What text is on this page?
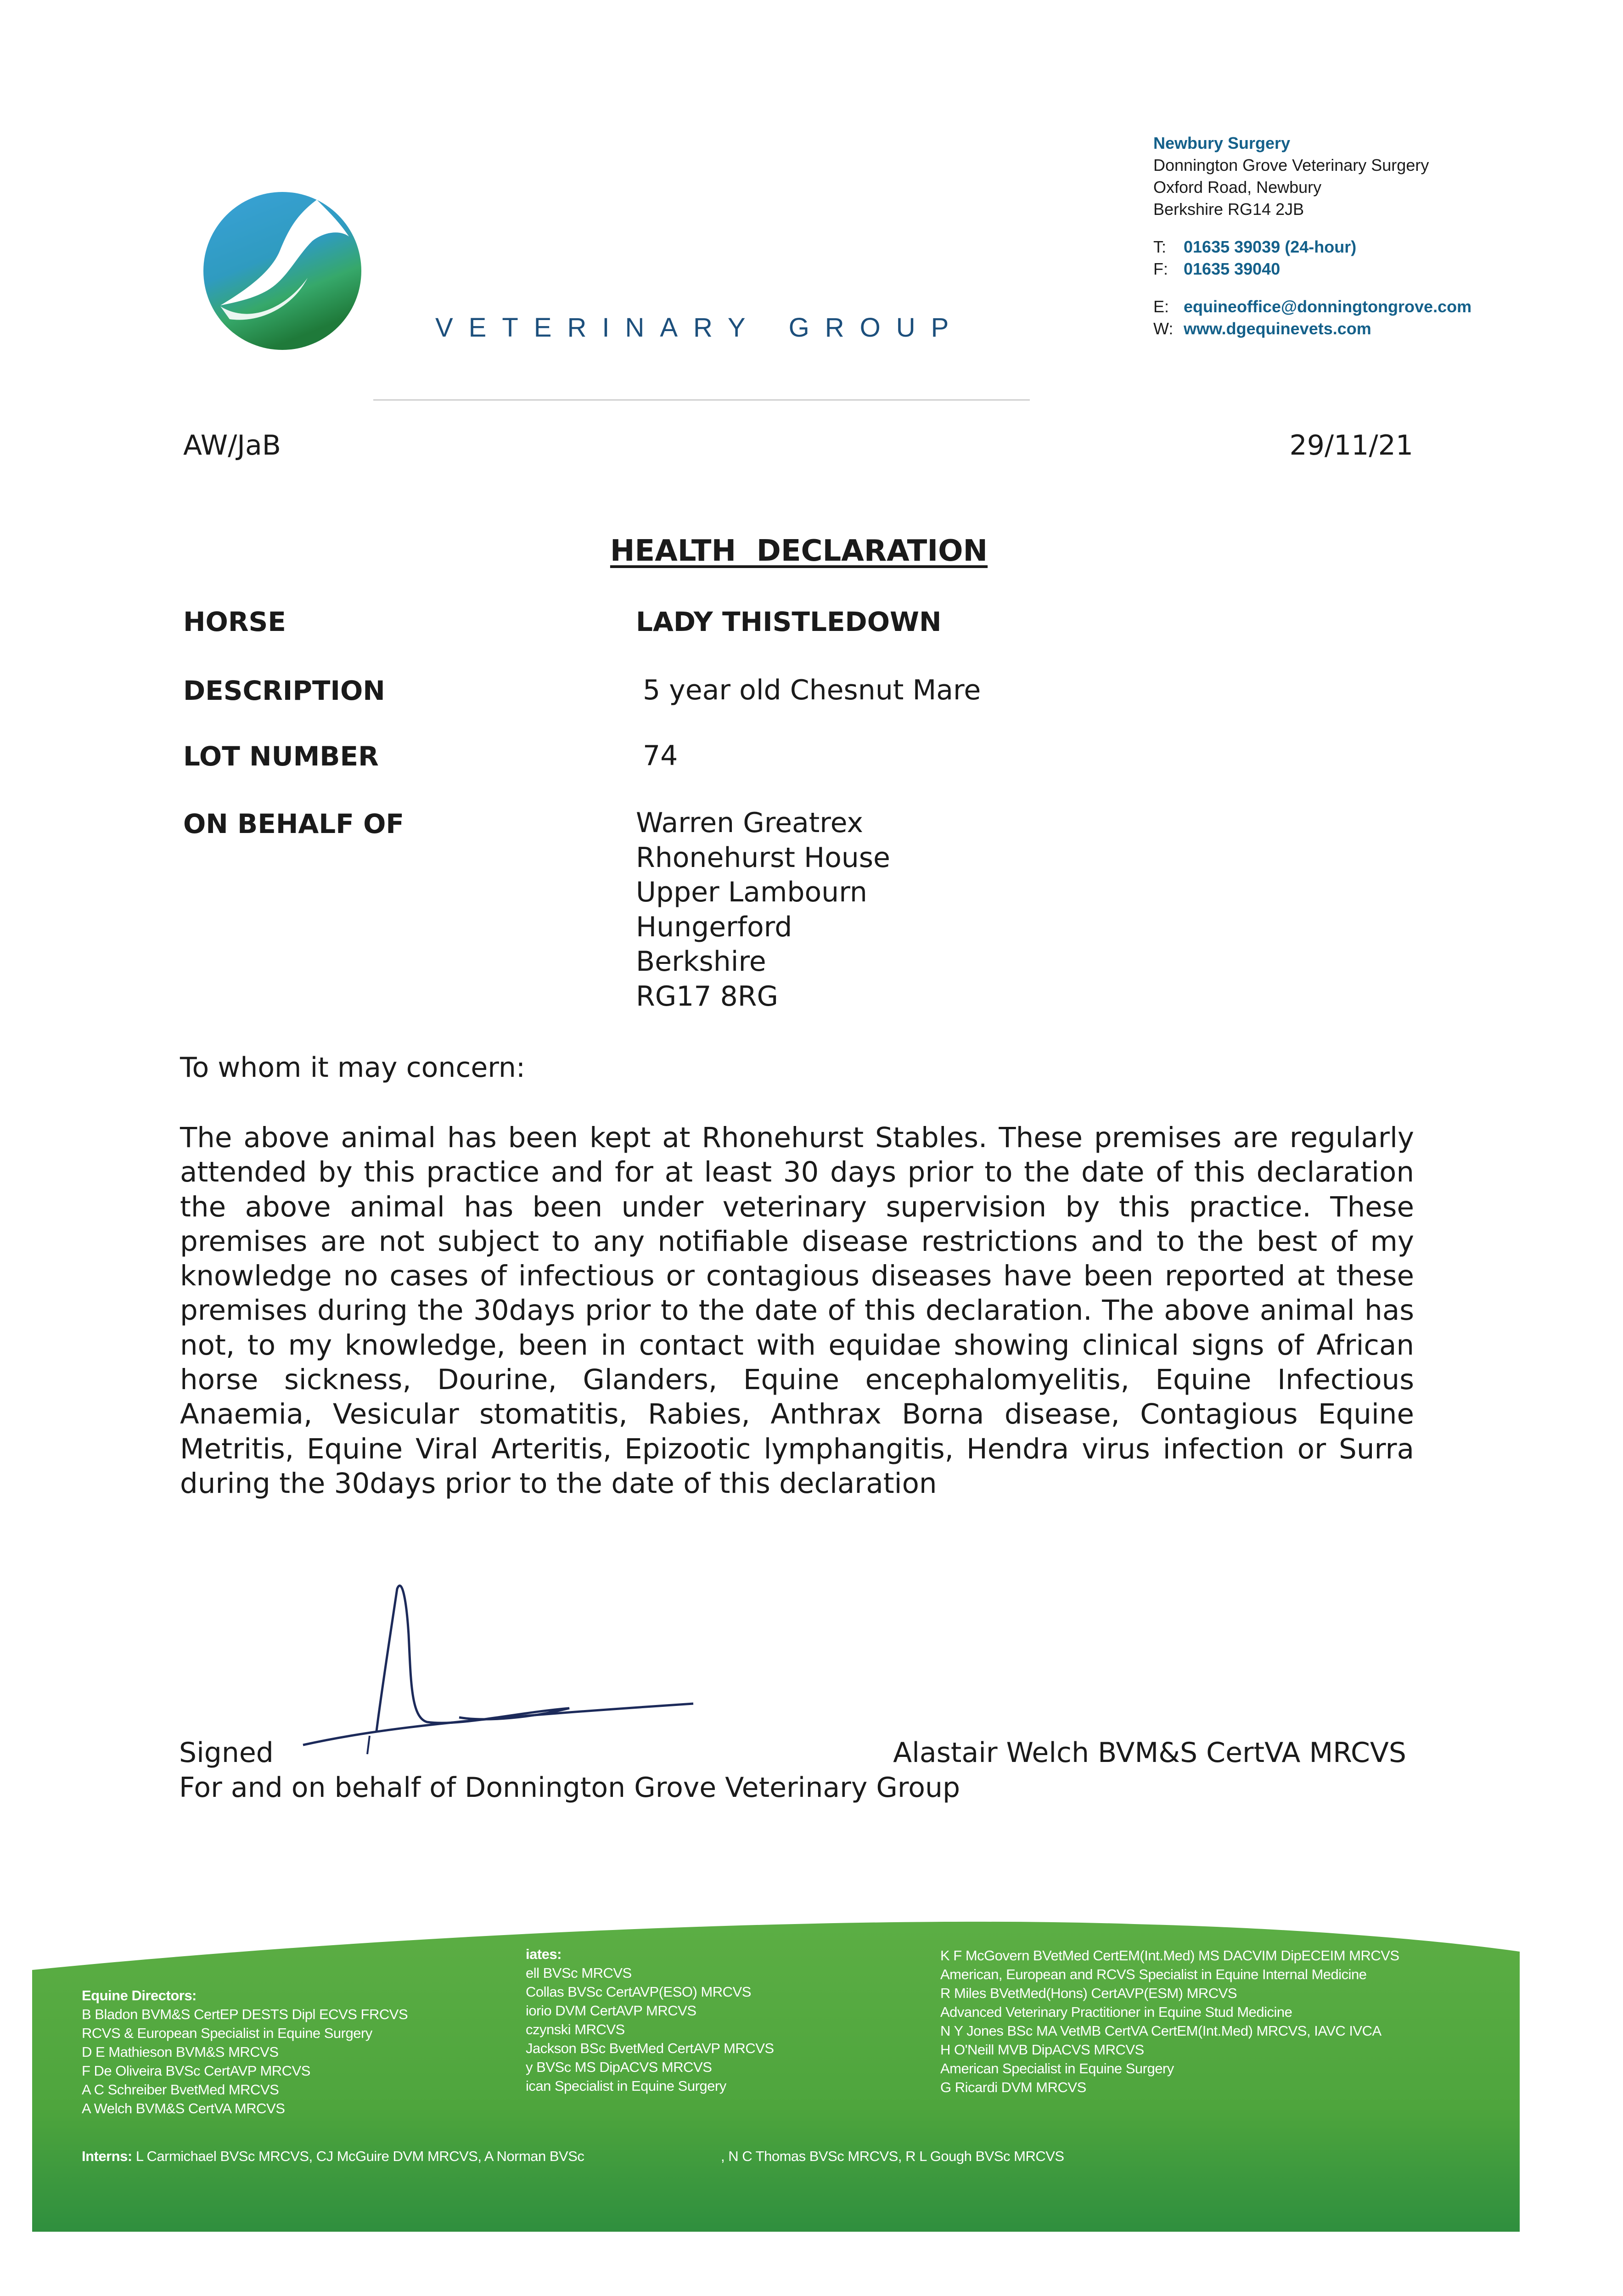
VETERINARY GROUP
Newbury Surgery
Donnington Grove Veterinary Surgery
Oxford Road, Newbury
Berkshire RG14 2JB
T: 01635 39039 (24-hour)
F: 01635 39040
E: equineoffice@donningtongrove.com
W: www.dgequinevets.com
AW/JaB	29/11/21
HEALTH  DECLARATION
HORSE	LADY THISTLEDOWN
DESCRIPTION	5 year old Chesnut Mare
LOT NUMBER	74
ON BEHALF OF	Warren Greatrex
Rhonehurst House
Upper Lambourn
Hungerford
Berkshire
RG17 8RG
To whom it may concern:
The above animal has been kept at Rhonehurst Stables. These premises are regularly attended by this practice and for at least 30 days prior to the date of this declaration the above animal has been under veterinary supervision by this practice. These premises are not subject to any notifiable disease restrictions and to the best of my knowledge no cases of infectious or contagious diseases have been reported at these premises during the 30days prior to the date of this declaration. The above animal has not, to my knowledge, been in contact with equidae showing clinical signs of African horse sickness, Dourine, Glanders, Equine encephalomyelitis, Equine Infectious Anaemia, Vesicular stomatitis, Rabies, Anthrax Borna disease, Contagious Equine Metritis, Equine Viral Arteritis, Epizootic lymphangitis, Hendra virus infection or Surra during the 30days prior to the date of this declaration
Signed	Alastair Welch BVM&S CertVA MRCVS
For and on behalf of Donnington Grove Veterinary Group
Equine Directors:
B Bladon BVM&S CertEP DESTS Dipl ECVS FRCVS
RCVS & European Specialist in Equine Surgery
D E Mathieson BVM&S MRCVS
F De Oliveira BVSc CertAVP MRCVS
A C Schreiber BvetMed MRCVS
A Welch BVM&S CertVA MRCVS
iates:
ell BVSc MRCVS
Collas BVSc CertAVP(ESO) MRCVS
iorio DVM CertAVP MRCVS
czynski MRCVS
Jackson BSc BvetMed CertAVP MRCVS
y BVSc MS DipACVS MRCVS
ican Specialist in Equine Surgery
K F McGovern BVetMed CertEM(Int.Med) MS DACVIM DipECEIM MRCVS
American, European and RCVS Specialist in Equine Internal Medicine
R Miles BVetMed(Hons) CertAVP(ESM) MRCVS
Advanced Veterinary Practitioner in Equine Stud Medicine
N Y Jones BSc MA VetMB CertVA CertEM(Int.Med) MRCVS, IAVC IVCA
H O'Neill MVB DipACVS MRCVS
American Specialist in Equine Surgery
G Ricardi DVM MRCVS
Interns: L Carmichael BVSc MRCVS, CJ McGuire DVM MRCVS, A Norman BVSc	, N C Thomas BVSc MRCVS, R L Gough BVSc MRCVS
